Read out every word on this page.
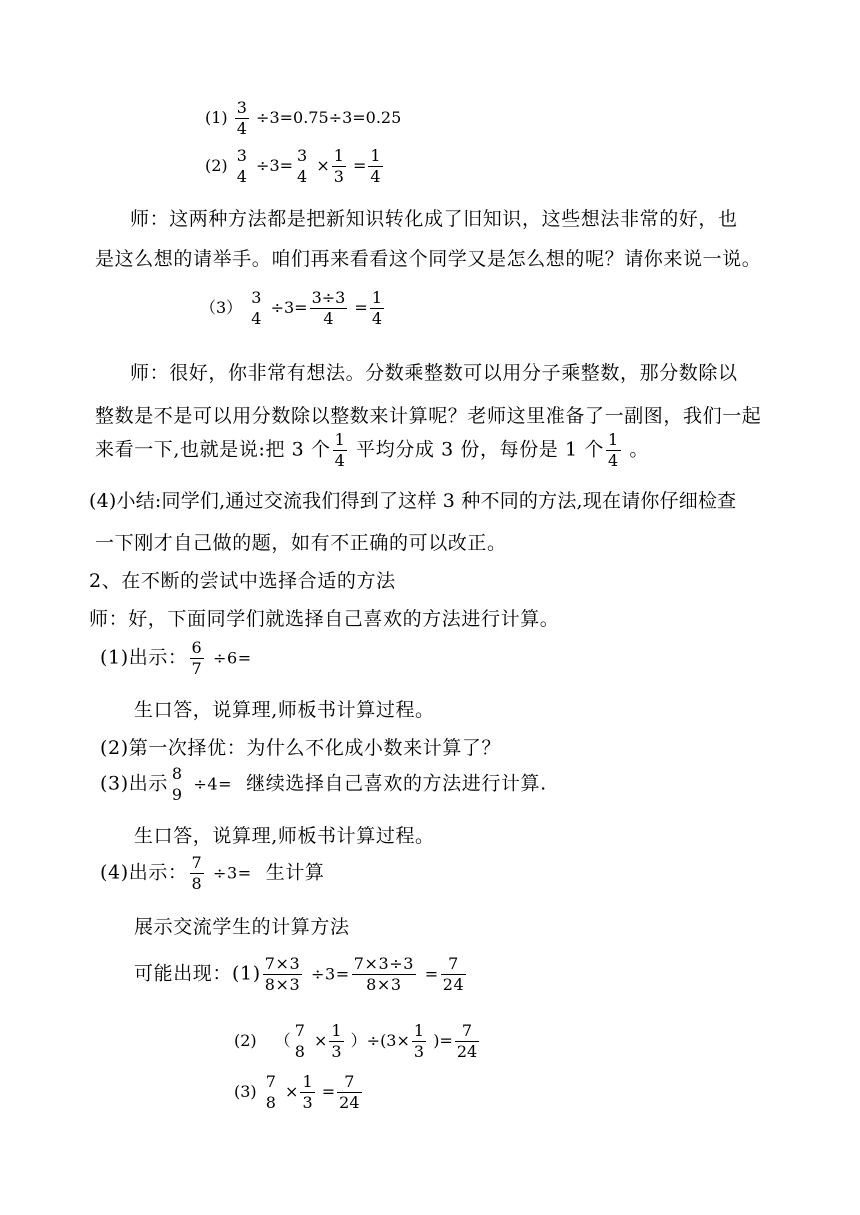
$(1) \frac{3}{4} \div 3=0.75\div 3=0.25$
(2)
3
4
÷3=
3
4
× $\frac{1}{3} = \frac{1}{4}$
师：这两种方法都是把新知识转化成了旧知识，这些想法非常的好，也
是这么想的请举手。咱们再来看看这个同学又是怎么想的呢？请你来说一说。
（3）
3
4
$\div 3= \frac{3\div 3}{4} = \frac{1}{4}$
师：很好，你非常有想法。分数乘整数可以用分子乘整数，那分数除以
整数是不是可以用分数除以整数来计算呢？老师这里准备了一副图，我们一起
来看一下,也就是说:把 3 个 $\frac{1}{4}$ 平均分成 3 份，每份是 1 个 $\frac{1}{4}$ 。
(4)小结:同学们,通过交流我们得到了这样 3 种不同的方法,现在请你仔细检查
一下刚才自己做的题，如有不正确的可以改正。
2、在不断的尝试中选择合适的方法
师：好，下面同学们就选择自己喜欢的方法进行计算。
(1)出示： $\frac{6}{7} \div 6=$
生口答，说算理,师板书计算过程。
(2)第一次择优：为什么不化成小数来计算了？
(3)出示 8
9
÷4= 继续选择自己喜欢的方法进行计算.
生口答，说算理,师板书计算过程。
(4)出示： $\frac{7}{8} \div 3=$ 生计算
展示交流学生的计算方法
可能出现：$(1) \frac{7\times 3}{8\times 3} \div 3= \frac{7\times 3\div 3}{8\times 3} = \frac{7}{24}$
(2) （
7
8
× $\frac{1}{3} )\div(3\times \frac{1}{3}$ )= $\frac{7}{24}$
(3)
7
8
× $\frac{1}{3} = \frac{7}{24}$
